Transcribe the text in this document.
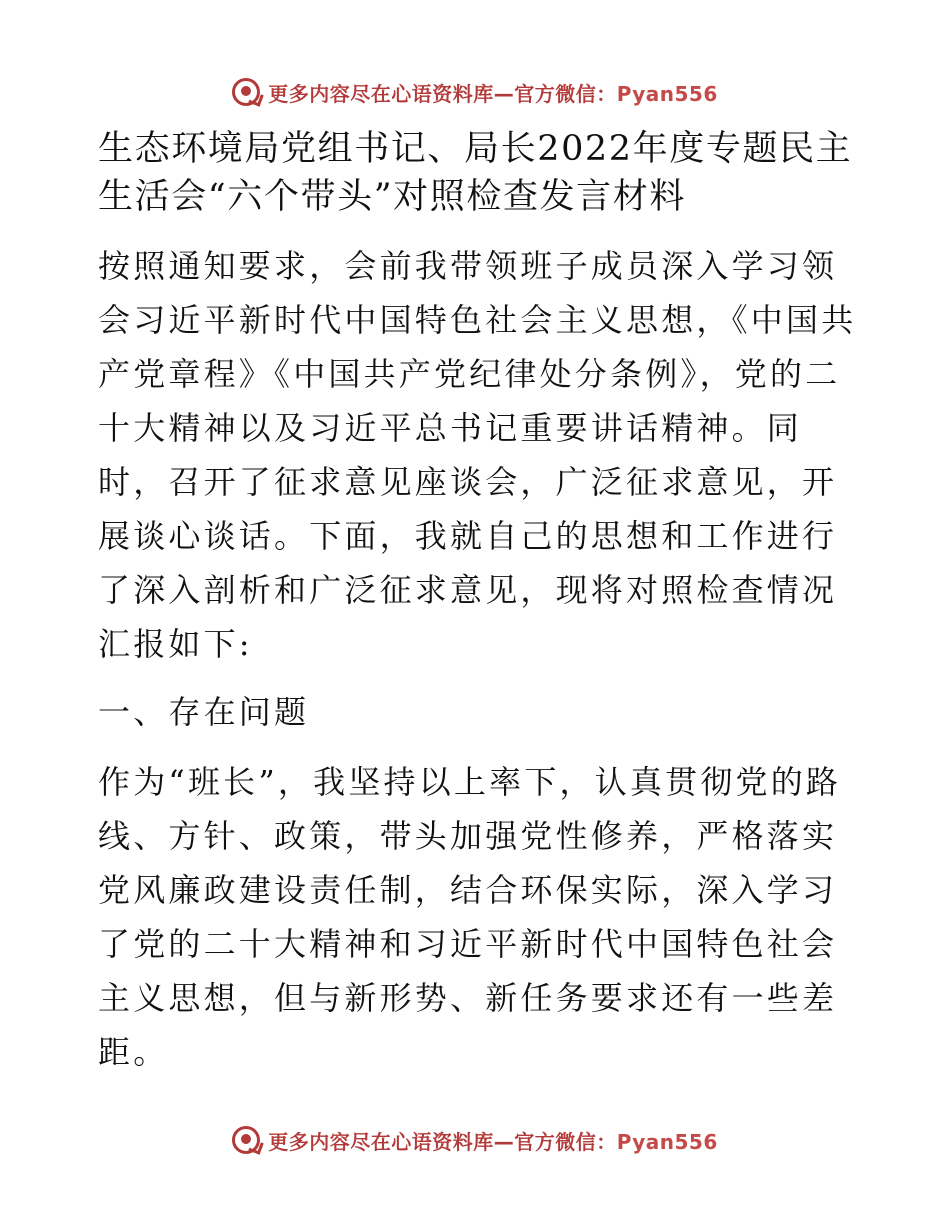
更多内容尽在心语资料库—官方微信：Pyan556
生态环境局党组书记、局长2022年度专题民主生活会“六个带头”对照检查发言材料

按照通知要求，会前我带领班子成员深入学习领会习近平新时代中国特色社会主义思想，《中国共产党章程》《中国共产党纪律处分条例》，党的二十大精神以及习近平总书记重要讲话精神。同时，召开了征求意见座谈会，广泛征求意见，开展谈心谈话。下面，我就自己的思想和工作进行了深入剖析和广泛征求意见，现将对照检查情况汇报如下:

一、存在问题

作为“班长”，我坚持以上率下，认真贯彻党的路线、方针、政策，带头加强党性修养，严格落实党风廉政建设责任制，结合环保实际，深入学习了党的二十大精神和习近平新时代中国特色社会主义思想，但与新形势、新任务要求还有一些差距。

更多内容尽在心语资料库—官方微信：Pyan556
